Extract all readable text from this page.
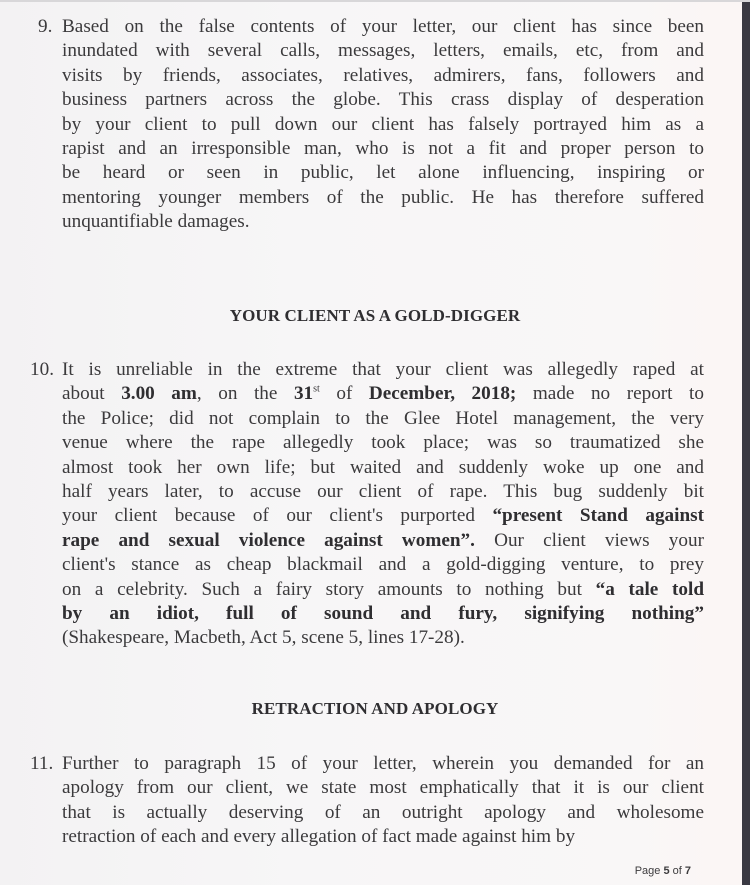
9. Based on the false contents of your letter, our client has since been
inundated with several calls, messages, letters, emails, etc, from and
visits by friends, associates, relatives, admirers, fans, followers and
business partners across the globe. This crass display of desperation
by your client to pull down our client has falsely portrayed him as a
rapist and an irresponsible man, who is not a fit and proper person to
be heard or seen in public, let alone influencing, inspiring or
mentoring younger members of the public. He has therefore suffered
unquantifiable damages.
YOUR CLIENT AS A GOLD-DIGGER
10. It is unreliable in the extreme that your client was allegedly raped at
about 3.00 am, on the 31st of December, 2018; made no report to
the Police; did not complain to the Glee Hotel management, the very
venue where the rape allegedly took place; was so traumatized she
almost took her own life; but waited and suddenly woke up one and
half years later, to accuse our client of rape. This bug suddenly bit
your client because of our client's purported “present Stand against
rape and sexual violence against women”. Our client views your
client's stance as cheap blackmail and a gold-digging venture, to prey
on a celebrity. Such a fairy story amounts to nothing but “a tale told
by an idiot, full of sound and fury, signifying nothing”
(Shakespeare, Macbeth, Act 5, scene 5, lines 17-28).
RETRACTION AND APOLOGY
11. Further to paragraph 15 of your letter, wherein you demanded for an
apology from our client, we state most emphatically that it is our client
that is actually deserving of an outright apology and wholesome
retraction of each and every allegation of fact made against him by
Page 5 of 7
